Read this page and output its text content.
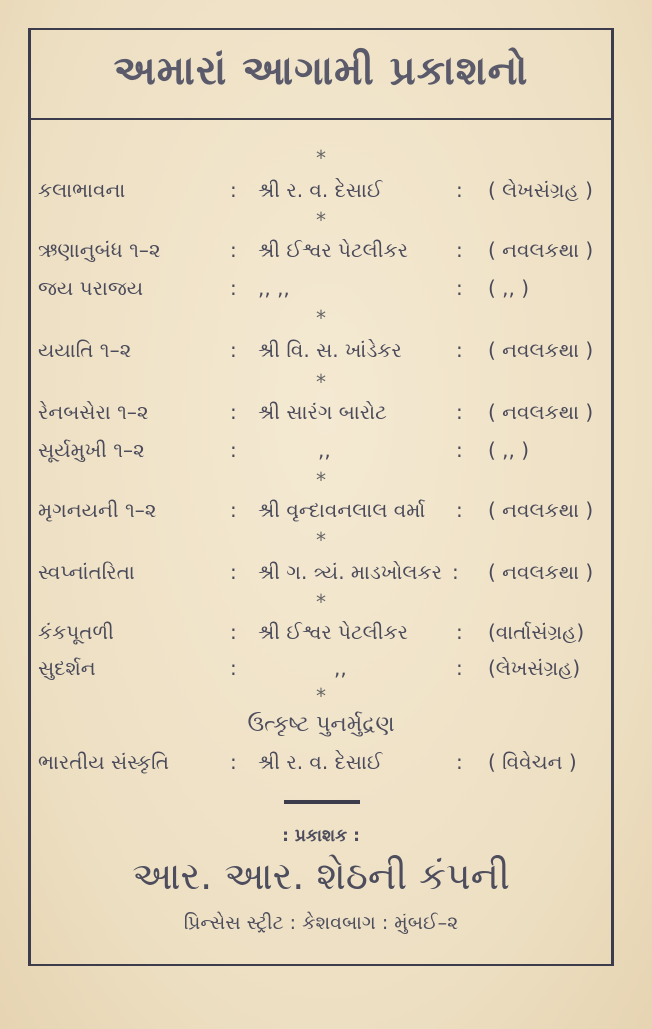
અમારાં આગામી પ્રકાશનો
*
કલાભાવના	: શ્રી ર. વ. દેસાઈ	: ( લેખસંગ્રહ )
*
ઋણાનુબંધ ૧–૨	: શ્રી ઈશ્વર પેટલીકર : ( નવલકથા )
જય પરાજય	: ,, ,,	: ( ,, )
*
યયાતિ ૧–૨	: શ્રી વિ. સ. ખાંડેકર	: ( નવલકથા )
*
રેનબસેરા ૧–૨	: શ્રી સારંગ બારોટ	: ( નવલકથા )
સૂર્યમુખી ૧–૨	:	,,	: ( ,, )
*
મૃગનયની ૧–૨	: શ્રી વૃન્દાવનલાલ વર્મા : ( નવલકથા )
*
સ્વપ્નાંતરિતા	: શ્રી ગ. ત્ર્યં. માડખોલકર : ( નવલકથા )
*
કંકપૂતળી	: શ્રી ઈશ્વર પેટલીકર : (વાર્તાસંગ્રહ)
સુદર્શન	:	,,	: (લેખસંગ્રહ)
*
ઉત્કૃષ્ટ પુનર્મુદ્રણ
ભારતીય સંસ્કૃતિ	: શ્રી ર. વ. દેસાઈ	: ( વિવેચન )
: પ્રકાશક :
આર. આર. શેઠની કંપની
પ્રિન્સેસ સ્ટ્રીટ : કેશવબાગ : મુંબઈ–૨
